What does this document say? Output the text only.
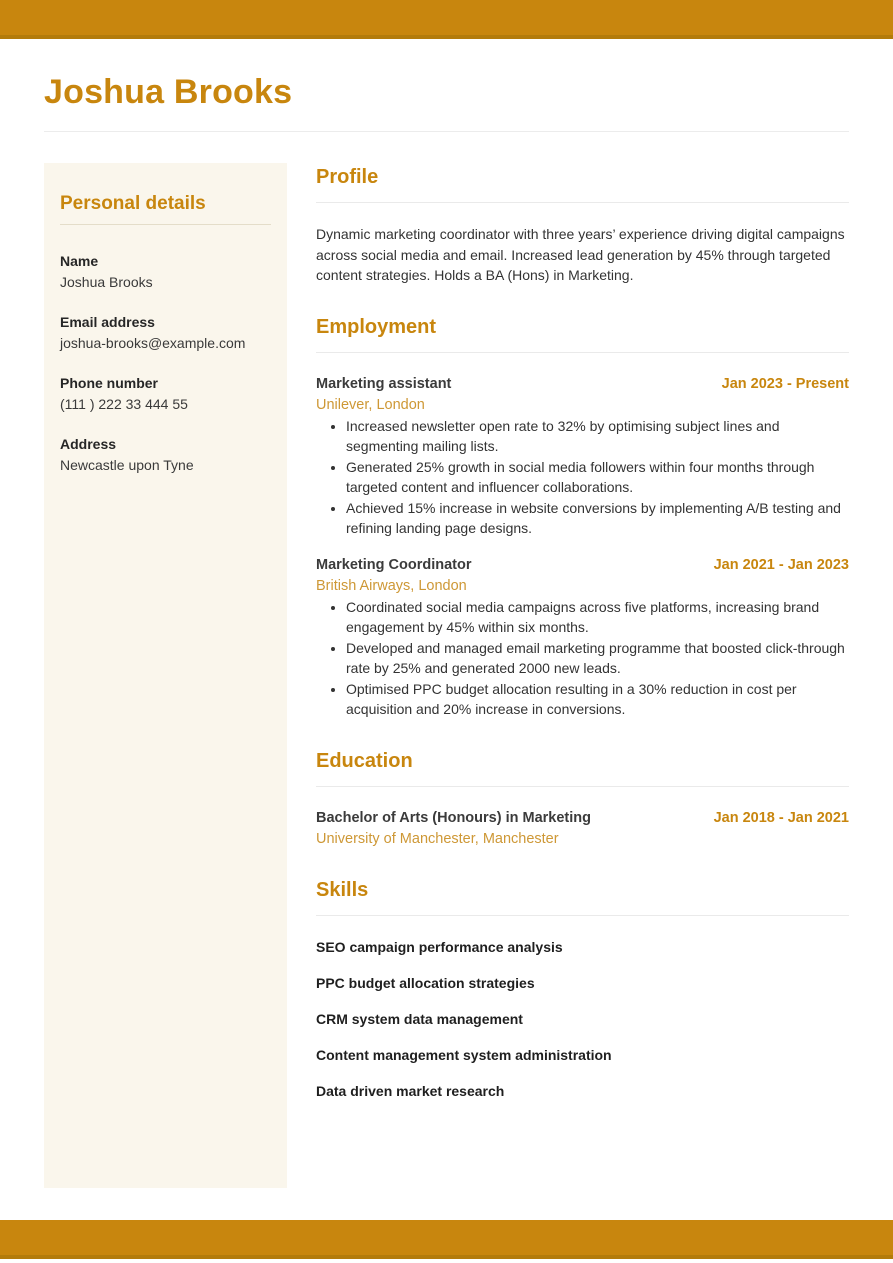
Joshua Brooks
Personal details
Name
Joshua Brooks
Email address
joshua-brooks@example.com
Phone number
(111 ) 222 33 444 55
Address
Newcastle upon Tyne
Profile

Dynamic marketing coordinator with three years’ experience driving digital campaigns across social media and email. Increased lead generation by 45% through targeted content strategies. Holds a BA (Hons) in Marketing.

Employment
Marketing assistant	Jan 2023 - Present
Unilever, London
• Increased newsletter open rate to 32% by optimising subject lines and segmenting mailing lists.
• Generated 25% growth in social media followers within four months through targeted content and influencer collaborations.
• Achieved 15% increase in website conversions by implementing A/B testing and refining landing page designs.
Marketing Coordinator	Jan 2021 - Jan 2023
British Airways, London
• Coordinated social media campaigns across five platforms, increasing brand engagement by 45% within six months.
• Developed and managed email marketing programme that boosted click-through rate by 25% and generated 2000 new leads.
• Optimised PPC budget allocation resulting in a 30% reduction in cost per acquisition and 20% increase in conversions.
Education
Bachelor of Arts (Honours) in Marketing	Jan 2018 - Jan 2021
University of Manchester, Manchester
Skills
SEO campaign performance analysis
PPC budget allocation strategies
CRM system data management
Content management system administration
Data driven market research
